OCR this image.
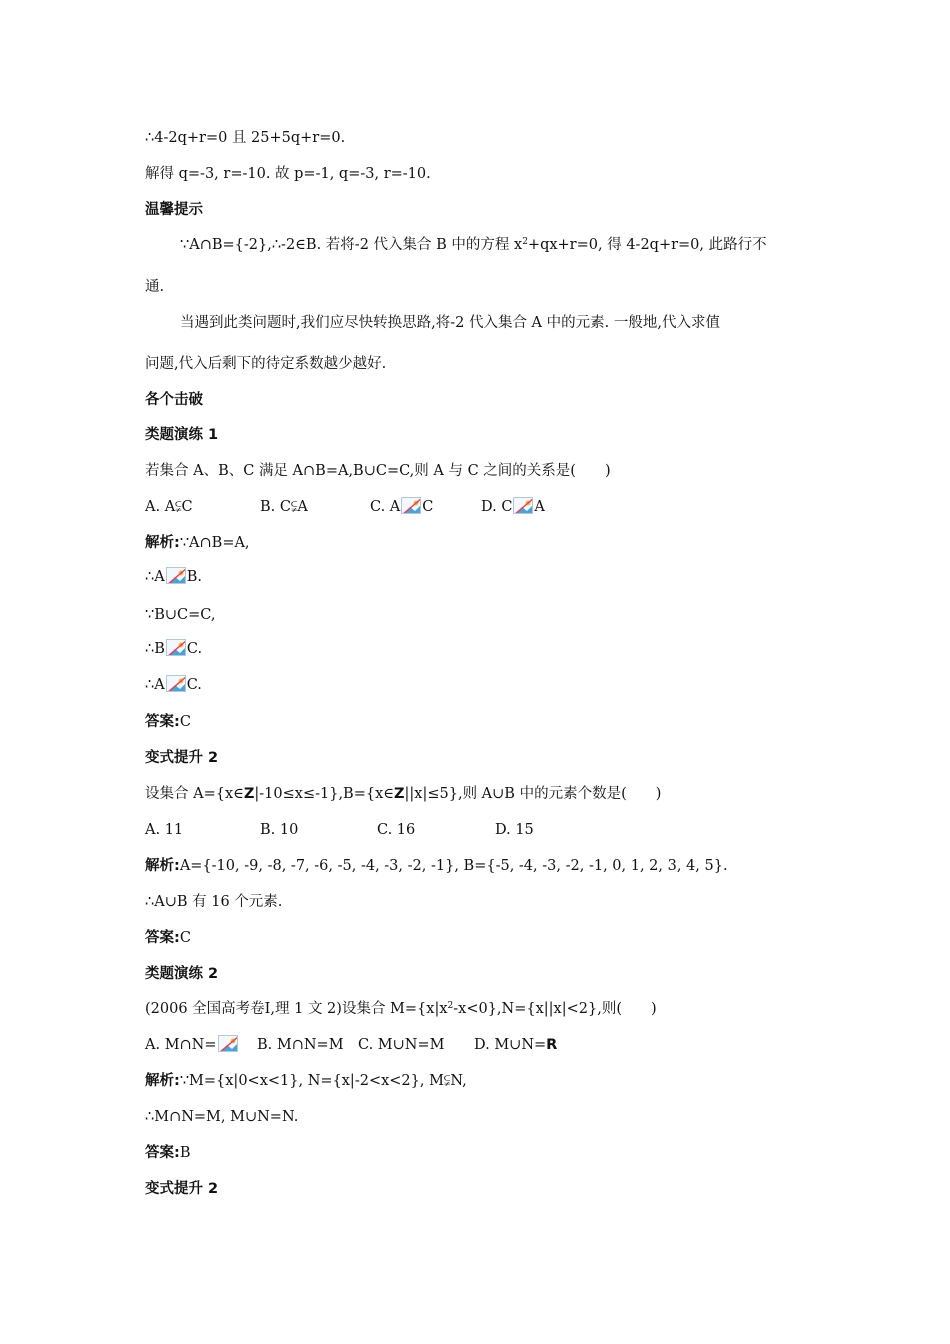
∴4-2q+r=0 且 25+5q+r=0.
解得 q=-3, r=-10. 故 p=-1, q=-3, r=-10.
温馨提示
∵A∩B={-2},∴-2∈B. 若将-2 代入集合 B 中的方程 $x^2+qx+r=0$, 得 4-2q+r=0, 此路行不
通.
当遇到此类问题时,我们应尽快转换思路,将-2 代入集合 A 中的元素. 一般地,代入求值
问题,代入后剩下的待定系数越少越好.
各个击破
类题演练 1
若集合 A、B、C 满足 A∩B=A,B∪C=C,则 A 与 C 之间的关系是(　　)
A. A⫋C	B. C⫋A	C. A C	D. C A
解析:∵A∩B=A,
∴A B.
∵B∪C=C,
∴B C.
∴A C.
答案:C
变式提升 2
设集合 A={x∈Z|-10≤x≤-1},B={x∈Z||x|≤5},则 A∪B 中的元素个数是(　　)
A. 11	B. 10	C. 16	D. 15
解析:A={-10, -9, -8, -7, -6, -5, -4, -3, -2, -1}, B={-5, -4, -3, -2, -1, 0, 1, 2, 3, 4, 5}.
∴A∪B 有 16 个元素.
答案:C
类题演练 2
(2006 全国高考卷Ⅰ,理 1 文 2)设集合 $M=\{x|x^2-x<0\},N=\{x||x|<2\}$,则(　　)
A. M∩N=	B. M∩N=M C. M∪N=M D. M∪N=R
解析:∵M={x|0<x<1}, N={x|-2<x<2}, M⫋N,
∴M∩N=M, M∪N=N.
答案:B
变式提升 2
